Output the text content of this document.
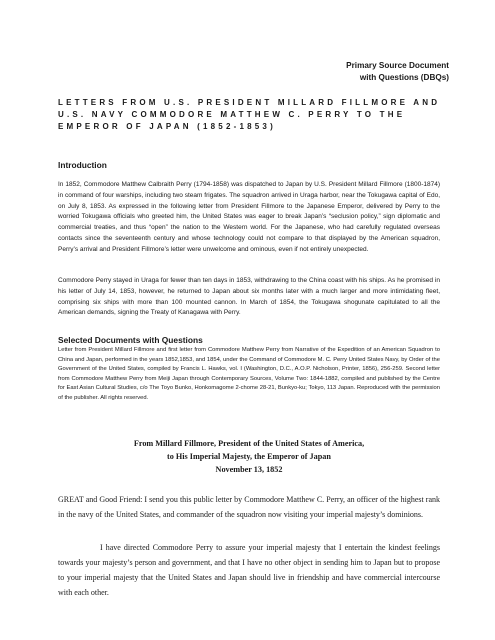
Primary Source Document
with Questions (DBQs)
LETTERS FROM U.S. PRESIDENT MILLARD FILLMORE AND U.S. NAVY COMMODORE MATTHEW C. PERRY TO THE EMPEROR OF JAPAN (1852-1853)
Introduction

In 1852, Commodore Matthew Calbraith Perry (1794-1858) was dispatched to Japan by U.S. President Millard Fillmore (1800-1874) in command of four warships, including two steam frigates. The squadron arrived in Uraga harbor, near the Tokugawa capital of Edo, on July 8, 1853. As expressed in the following letter from President Fillmore to the Japanese Emperor, delivered by Perry to the worried Tokugawa officials who greeted him, the United States was eager to break Japan’s “seclusion policy,” sign diplomatic and commercial treaties, and thus “open” the nation to the Western world. For the Japanese, who had carefully regulated overseas contacts since the seventeenth century and whose technology could not compare to that displayed by the American squadron, Perry’s arrival and President Fillmore’s letter were unwelcome and ominous, even if not entirely unexpected.

Commodore Perry stayed in Uraga for fewer than ten days in 1853, withdrawing to the China coast with his ships. As he promised in his letter of July 14, 1853, however, he returned to Japan about six months later with a much larger and more intimidating fleet, comprising six ships with more than 100 mounted cannon. In March of 1854, the Tokugawa shogunate capitulated to all the American demands, signing the Treaty of Kanagawa with Perry.

Selected Documents with Questions

Letter from President Millard Fillmore and first letter from Commodore Matthew Perry from Narrative of the Expedition of an American Squadron to China and Japan, performed in the years 1852,1853, and 1854, under the Command of Commodore M. C. Perry United States Navy, by Order of the Government of the United States, compiled by Francis L. Hawks, vol. I (Washington, D.C., A.O.P. Nicholson, Printer, 1856), 256-259. Second letter from Commodore Matthew Perry from Meiji Japan through Contemporary Sources, Volume Two: 1844-1882, compiled and published by the Centre for East Asian Cultural Studies, c/o The Toyo Bunko, Honkomagome 2-chome 28-21, Bunkyo-ku; Tokyo, 113 Japan. Reproduced with the permission of the publisher. All rights reserved.

From Millard Fillmore, President of the United States of America,
to His Imperial Majesty, the Emperor of Japan
November 13, 1852

GREAT and Good Friend: I send you this public letter by Commodore Matthew C. Perry, an officer of the highest rank in the navy of the United States, and commander of the squadron now visiting your imperial majesty’s dominions.

I have directed Commodore Perry to assure your imperial majesty that I entertain the kindest feelings towards your majesty’s person and government, and that I have no other object in sending him to Japan but to propose to your imperial majesty that the United States and Japan should live in friendship and have commercial intercourse with each other.
